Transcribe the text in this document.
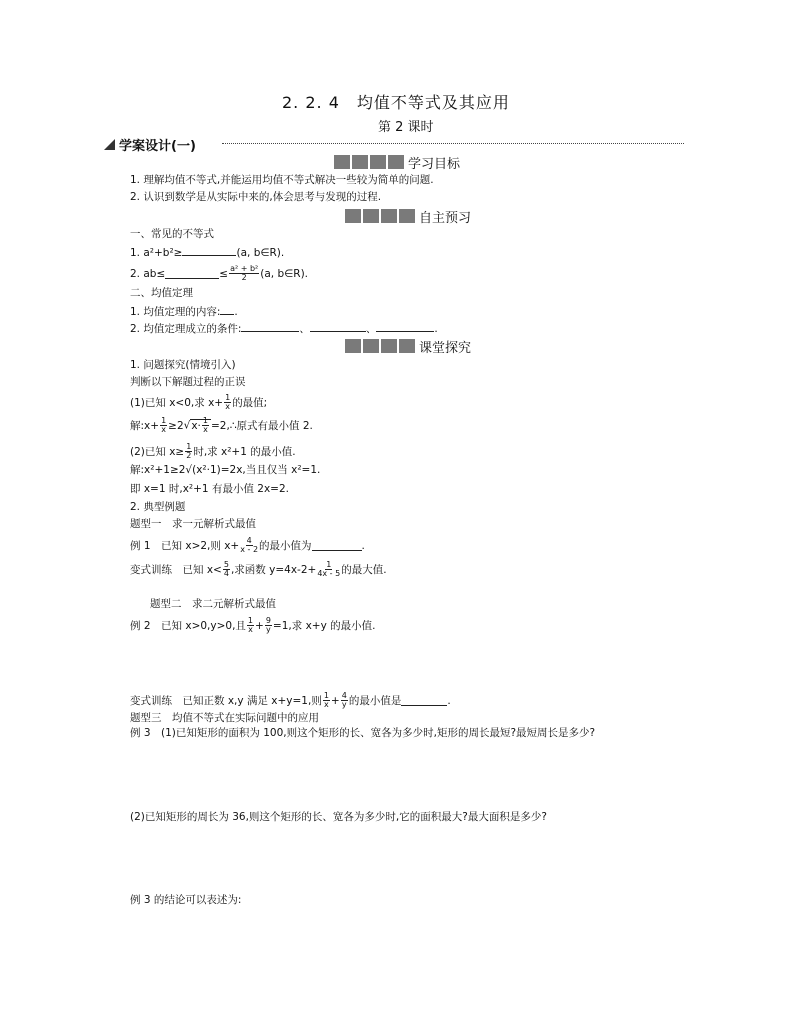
2. 2. 4　均值不等式及其应用
第 2 课时
学案设计(一)
学习目标
1. 理解均值不等式,并能运用均值不等式解决一些较为简单的问题.
2. 认识到数学是从实际中来的,体会思考与发现的过程.
自主预习
一、常见的不等式
1. a²+b²≥	(a, b∈R).
2. ab≤	≤ $\frac{\text{a² + b²}}{2} (a$, b∈R).
二、均值定理
1. 均值定理的内容: .
2. 均值定理成立的条件:	、	、	.
课堂探究
1. 问题探究(情境引入)
判断以下解题过程的正误
(1)已知 x<0,求 $x+ \frac{1}{x}$ 的最值;
解:x+ $\frac{1}{x} \ge 2$ $√x\cdot \frac{1}{x}$ =2,∴原式有最小值 2.
(2)已知 $x\ge \frac{1}{2}$ 时,求 x²+1 的最小值.
解:x²+1≥2√(x²·1)=2x,当且仅当 x²=1.
即 x=1 时,x²+1 有最小值 2x=2.
2. 典型例题
题型一　求一元解析式最值
例 1　已知 x>2,则 $x+ \frac{4}{x - 2}$ 的最小值为	.
变式训练　已知 $x< \frac{5}{4}$ ,求函数 $y=4x-2+ \frac{1}{4x - 5}$ 的最大值.
题型二　求二元解析式最值
例 2　已知 x>0,y>0,且 $\frac{1}{x} + \frac{9}{y} =1$,求 x+y 的最小值.
变式训练　已知正数 x,y 满足 x+y=1,则 $\frac{1}{x} + \frac{4}{y}$ 的最小值是	.
题型三　均值不等式在实际问题中的应用
例 3　(1)已知矩形的面积为 100,则这个矩形的长、宽各为多少时,矩形的周长最短?最短周长是多少?
(2)已知矩形的周长为 36,则这个矩形的长、宽各为多少时,它的面积最大?最大面积是多少?
例 3 的结论可以表述为:
